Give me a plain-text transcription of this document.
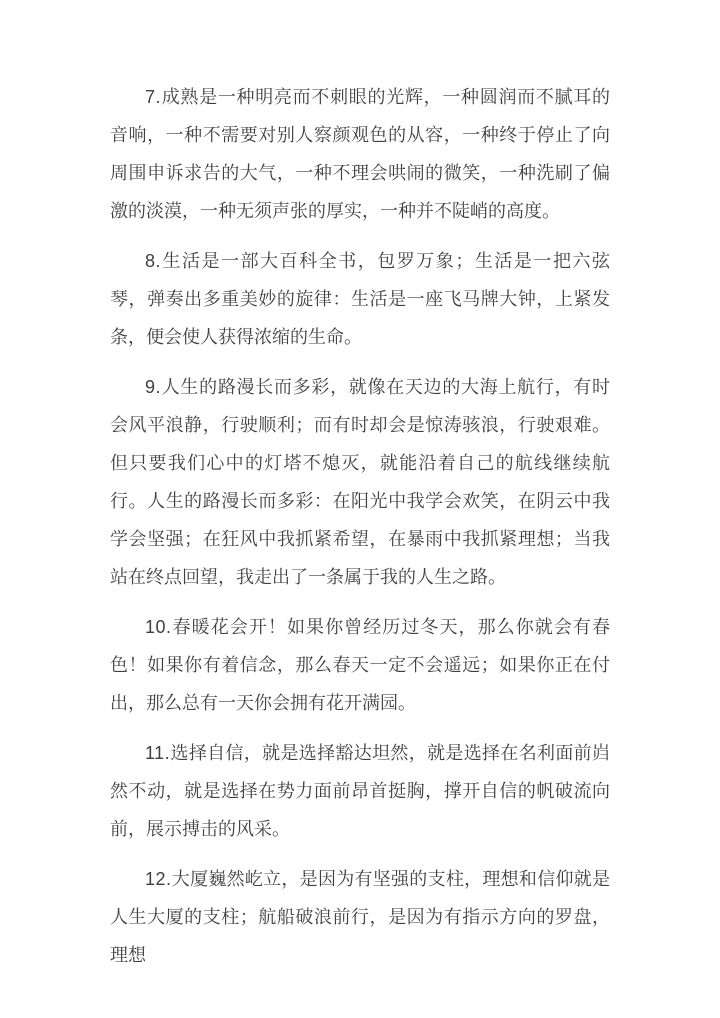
7.成熟是一种明亮而不刺眼的光辉，一种圆润而不腻耳的音响，一种不需要对别人察颜观色的从容，一种终于停止了向周围申诉求告的大气，一种不理会哄闹的微笑，一种洗刷了偏激的淡漠，一种无须声张的厚实，一种并不陡峭的高度。

8.生活是一部大百科全书，包罗万象；生活是一把六弦琴，弹奏出多重美妙的旋律：生活是一座飞马牌大钟，上紧发条，便会使人获得浓缩的生命。

9.人生的路漫长而多彩，就像在天边的大海上航行，有时会风平浪静，行驶顺利；而有时却会是惊涛骇浪，行驶艰难。但只要我们心中的灯塔不熄灭，就能沿着自己的航线继续航行。人生的路漫长而多彩：在阳光中我学会欢笑，在阴云中我学会坚强；在狂风中我抓紧希望，在暴雨中我抓紧理想；当我站在终点回望，我走出了一条属于我的人生之路。

10.春暖花会开！如果你曾经历过冬天，那么你就会有春色！如果你有着信念，那么春天一定不会遥远；如果你正在付出，那么总有一天你会拥有花开满园。

11.选择自信，就是选择豁达坦然，就是选择在名利面前岿然不动，就是选择在势力面前昂首挺胸，撑开自信的帆破流向前，展示搏击的风采。

12.大厦巍然屹立，是因为有坚强的支柱，理想和信仰就是人生大厦的支柱；航船破浪前行，是因为有指示方向的罗盘，理想
